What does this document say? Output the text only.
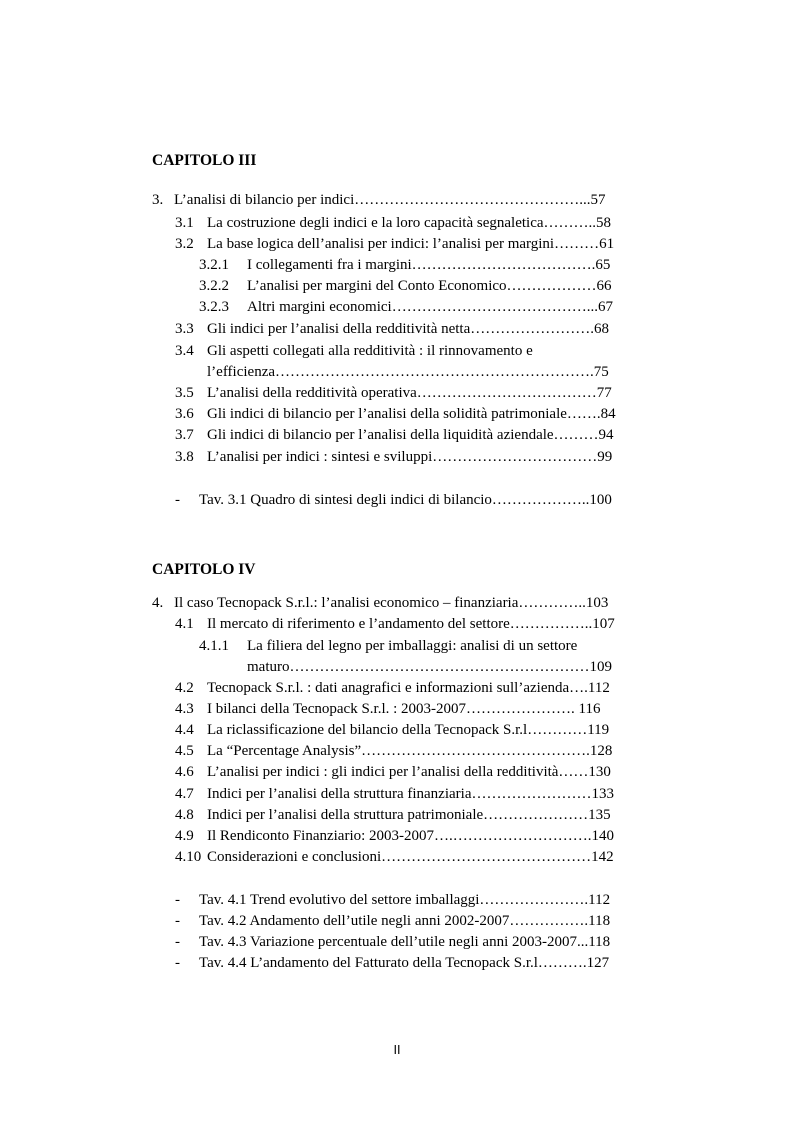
CAPITOLO III
3. L’analisi di bilancio per indici………………………………………...57
3.1 La costruzione degli indici e la loro capacità segnaletica………..58
3.2 La base logica dell’analisi per indici: l’analisi per margini………61
3.2.1 I collegamenti fra i margini……………………………….65
3.2.2 L’analisi per margini del Conto Economico………………66
3.2.3 Altri margini economici…………………………………...67
3.3 Gli indici per l’analisi della redditività netta…………………….68
3.4 Gli aspetti collegati alla redditività : il rinnovamento e
l’efficienza……………………………………………………….75
3.5 L’analisi della redditività operativa………………………………77
3.6 Gli indici di bilancio per l’analisi della solidità patrimoniale…….84
3.7 Gli indici di bilancio per l’analisi della liquidità aziendale………94
3.8 L’analisi per indici : sintesi e sviluppi……………………………99
- Tav. 3.1 Quadro di sintesi degli indici di bilancio………………..100
CAPITOLO IV
4. Il caso Tecnopack S.r.l.: l’analisi economico – finanziaria…………..103
4.1 Il mercato di riferimento e l’andamento del settore……………..107
4.1.1 La filiera del legno per imballaggi: analisi di un settore
maturo……………………………………………………109
4.2 Tecnopack S.r.l. : dati anagrafici e informazioni sull’azienda….112
4.3 I bilanci della Tecnopack S.r.l. : 2003-2007…………………. 116
4.4 La riclassificazione del bilancio della Tecnopack S.r.l…………119
4.5 La “Percentage Analysis”……………………………………….128
4.6 L’analisi per indici : gli indici per l’analisi della redditività……130
4.7 Indici per l’analisi della struttura finanziaria……………………133
4.8 Indici per l’analisi della struttura patrimoniale…………………135
4.9 Il Rendiconto Finanziario: 2003-2007….……………………….140
4.10 Considerazioni e conclusioni……………………………………142
- Tav. 4.1 Trend evolutivo del settore imballaggi………………….112
- Tav. 4.2 Andamento dell’utile negli anni 2002-2007…………….118
- Tav. 4.3 Variazione percentuale dell’utile negli anni 2003-2007...118
- Tav. 4.4 L’andamento del Fatturato della Tecnopack S.r.l……….127
II
